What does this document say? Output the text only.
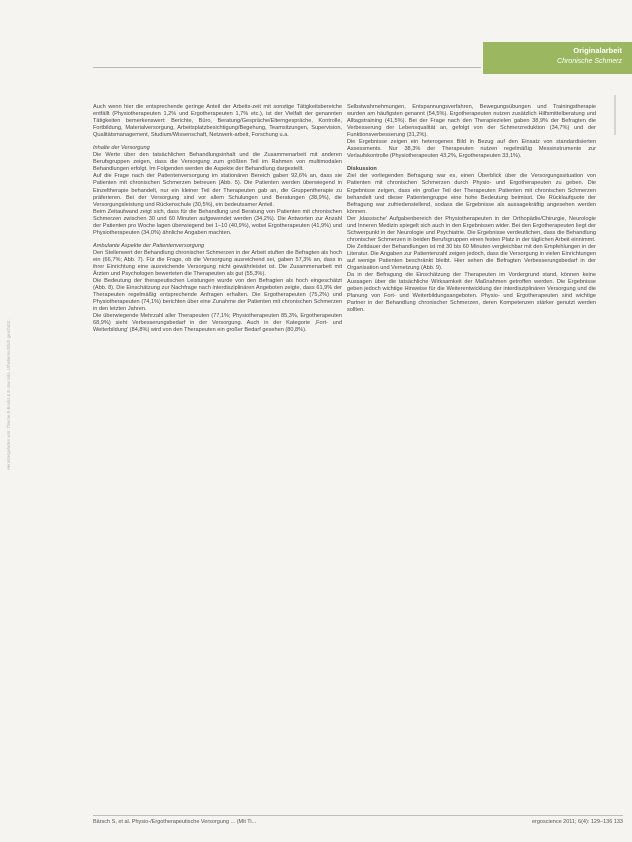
Originalarbeit
Chronische Schmerz
Heruntergeladen von: Thieme E-Books & E-Journals. Urheberrechtlich geschützt.

Auch wenn hier die entsprechende geringe Anteil der Arbeits-zeit mit sonstige Tätigkeitsbereiche entfällt (Physiotherapeuten 1,2% und Ergotherapeuten 1,7% etc.), ist der Vielfalt der genannten Tätigkeiten bemerkenswert: Berichte, Büro, Beratung/Gespräche/Elterngespräche, Kontrolle, Fortbildung, Materialversorgung, Arbeitsplatzbesichtigung/Begehung, Teamsitzungen, Supervision, Qualitätsmanagement, Studium/Wissenschaft, Netzwerk-arbeit, Forschung u.a.

Inhalte der Versorgung

Die Werte über den tatsächlichen Behandlungsinhalt und die Zusammenarbeit mit anderen Berufsgruppen zeigen, dass die Versorgung zum größten Teil im Rahmen von multimodalen Behandlungen erfolgt. Im Folgenden werden die Aspekte der Behandlung dargestellt.

Auf die Frage nach der Patientenversorgung im stationären Bereich gaben 92,6% an, dass sie Patienten mit chronischen Schmerzen betreuen (Abb. 5). Die Patienten werden überwiegend in Einzeltherapie behandelt, nur ein kleiner Teil der Therapeuten gab an, die Gruppentherapie zu präferieren. Bei der Versorgung sind vor allem Schulungen und Beratungen (38,9%), die Versorgungsleistung und Rückenschule (30,5%), ein bedeutsamer Anteil.

Beim Zeitaufwand zeigt sich, dass für die Behandlung und Beratung von Patienten mit chronischen Schmerzen zwischen 30 und 60 Minuten aufgewendet werden (34,2%). Die Antworten zur Anzahl der Patienten pro Woche lagen überwiegend bei 1–10 (40,9%), wobei Ergotherapeuten (41,9%) und Physiotherapeuten (34,0%) ähnliche Angaben machten.

Ambulante Aspekte der Patientenversorgung

Den Stellenwert der Behandlung chronischer Schmerzen in der Arbeit stuften die Befragten als hoch ein (66,7%; Abb. 7). Für die Frage, ob die Versorgung ausreichend sei, gaben 57,3% an, dass in ihrer Einrichtung eine ausreichende Versorgung nicht gewährleistet ist. Die Zusammenarbeit mit Ärzten und Psychologen bewerteten die Therapeuten als gut (55,3%).

Die Bedeutung der therapeutischen Leistungen wurde von den Befragten als hoch eingeschätzt (Abb. 8). Die Einschätzung zur Nachfrage nach interdisziplinären Angeboten zeigte, dass 61,9% der Therapeuten regelmäßig entsprechende Anfragen erhalten. Die Ergotherapeuten (75,2%) und Physiotherapeuten (74,1%) berichten über eine Zunahme der Patienten mit chronischen Schmerzen in den letzten Jahren.

Die überwiegende Mehrzahl aller Therapeuten (77,1%; Physiotherapeuten 85,3%, Ergotherapeuten 68,9%) sieht Verbesserungsbedarf in der Versorgung. Auch in der Kategorie ‚Fort- und Weiterbildung' (84,8%) wird von den Therapeuten ein großer Bedarf gesehen (80,8%).

Selbstwahrnehmungen, Entspannungsverfahren, Bewegungsübungen und Trainingstherapie wurden am häufigsten genannt (54,5%). Ergotherapeuten nutzen zusätzlich Hilfsmittelberatung und Alltagstraining (41,5%). Bei der Frage nach den Therapiezielen gaben 38,9% der Befragten die Verbesserung der Lebensqualität an, gefolgt von der Schmerzreduktion (34,7%) und der Funktionsverbesserung (31,2%).

Die Ergebnisse zeigen ein heterogenes Bild in Bezug auf den Einsatz von standardisierten Assessments. Nur 38,3% der Therapeuten nutzen regelmäßig Messinstrumente zur Verlaufskontrolle (Physiotherapeuten 43,2%, Ergotherapeuten 33,1%).

Diskussion

Ziel der vorliegenden Befragung war es, einen Überblick über die Versorgungssituation von Patienten mit chronischen Schmerzen durch Physio- und Ergotherapeuten zu geben. Die Ergebnisse zeigen, dass ein großer Teil der Therapeuten Patienten mit chronischen Schmerzen behandelt und dieser Patientengruppe eine hohe Bedeutung beimisst. Die Rücklaufquote der Befragung war zufriedenstellend, sodass die Ergebnisse als aussagekräftig angesehen werden können.

Der ‚klassische' Aufgabenbereich der Physiotherapeuten in der Orthopädie/Chirurgie, Neurologie und Inneren Medizin spiegelt sich auch in den Ergebnissen wider. Bei den Ergotherapeuten liegt der Schwerpunkt in der Neurologie und Psychiatrie. Die Ergebnisse verdeutlichen, dass die Behandlung chronischer Schmerzen in beiden Berufsgruppen einen festen Platz in der täglichen Arbeit einnimmt.

Die Zeitdauer der Behandlungen ist mit 30 bis 60 Minuten vergleichbar mit den Empfehlungen in der Literatur. Die Angaben zur Patientenzahl zeigen jedoch, dass die Versorgung in vielen Einrichtungen auf wenige Patienten beschränkt bleibt. Hier sehen die Befragten Verbesserungsbedarf in der Organisation und Vernetzung (Abb. 9).

Da in der Befragung die Einschätzung der Therapeuten im Vordergrund stand, können keine Aussagen über die tatsächliche Wirksamkeit der Maßnahmen getroffen werden. Die Ergebnisse geben jedoch wichtige Hinweise für die Weiterentwicklung der interdisziplinären Versorgung und die Planung von Fort- und Weiterbildungsangeboten. Physio- und Ergotherapeuten sind wichtige Partner in der Behandlung chronischer Schmerzen, deren Kompetenzen stärker genutzt werden sollten.

Bärsch S, et al. Physio-/Ergotherapeutische Versorgung ... (Mit Ti...	ergoscience 2011; 6(4): 129–136 133
